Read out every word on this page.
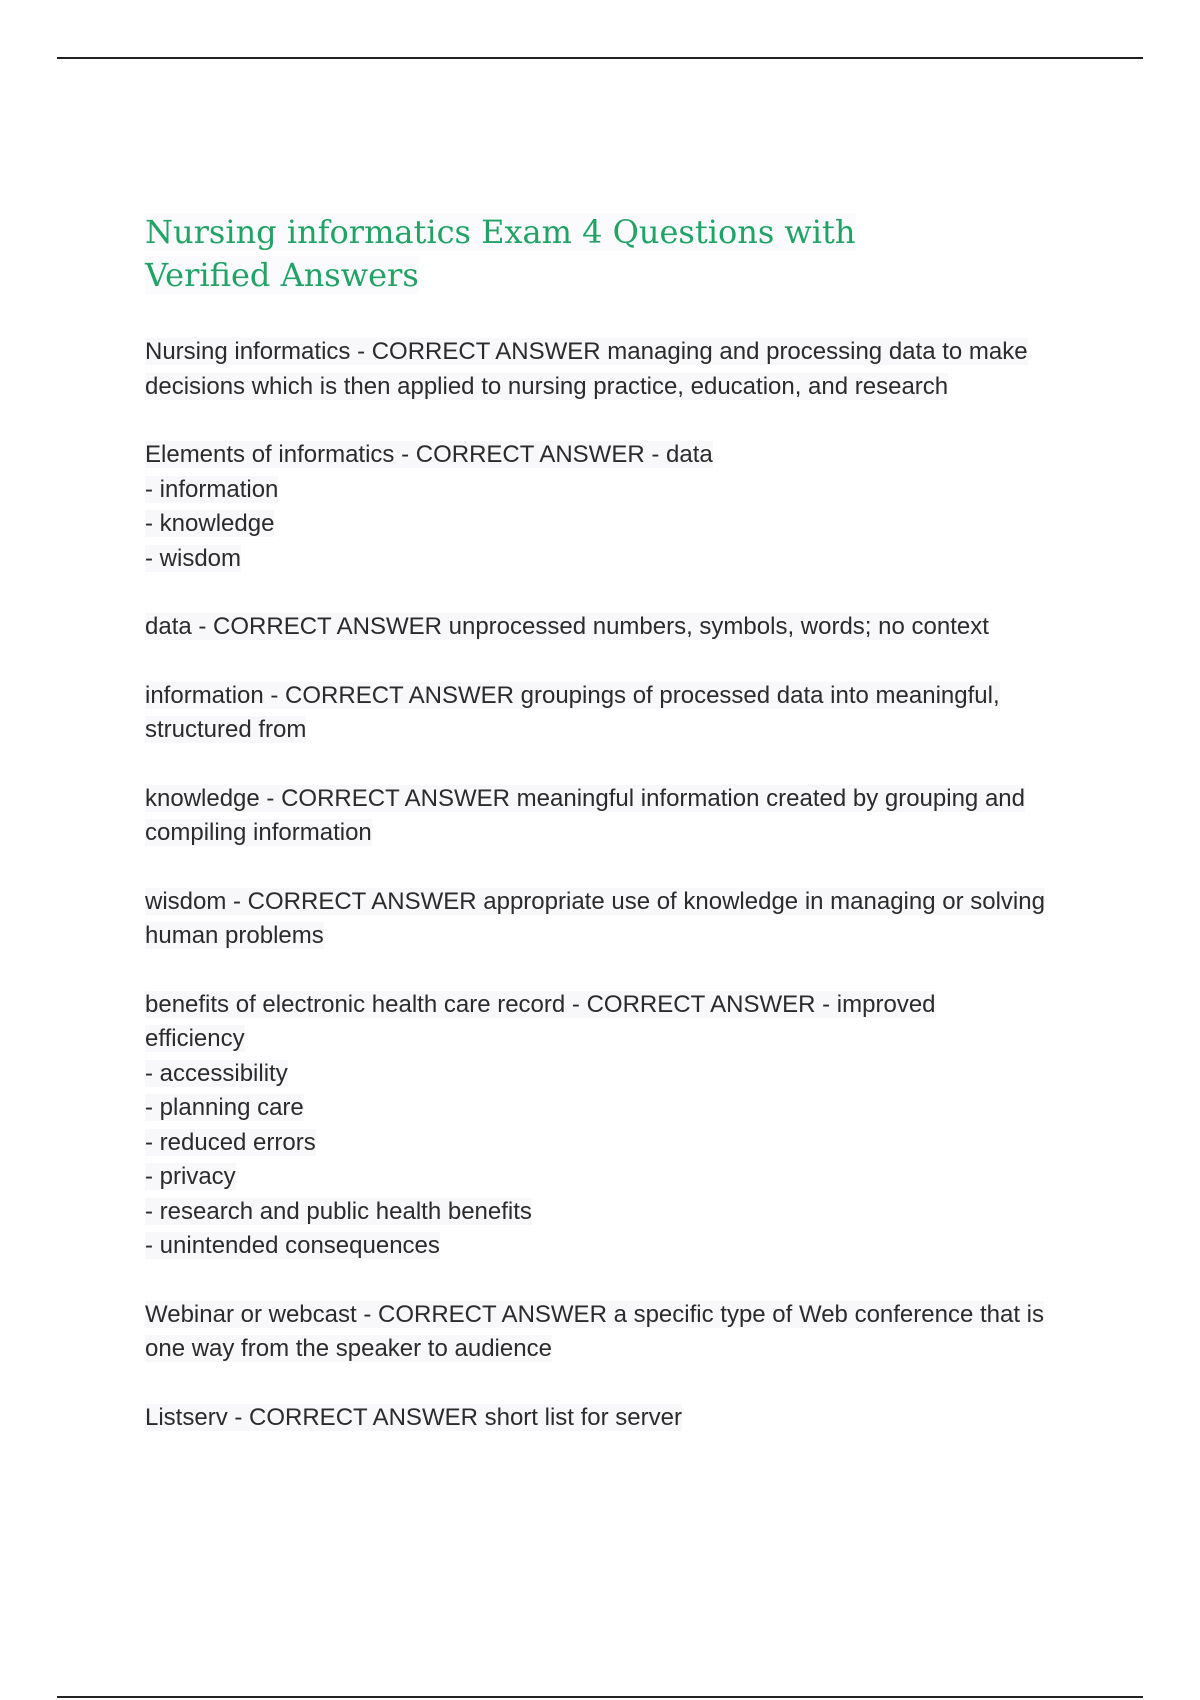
Nursing informatics Exam 4 Questions with Verified Answers
Nursing informatics - CORRECT ANSWER managing and processing data to make
decisions which is then applied to nursing practice, education, and research
Elements of informatics - CORRECT ANSWER - data
- information
- knowledge
- wisdom
data - CORRECT ANSWER unprocessed numbers, symbols, words; no context
information - CORRECT ANSWER groupings of processed data into meaningful,
structured from
knowledge - CORRECT ANSWER meaningful information created by grouping and
compiling information
wisdom - CORRECT ANSWER appropriate use of knowledge in managing or solving
human problems
benefits of electronic health care record - CORRECT ANSWER - improved
efficiency
- accessibility
- planning care
- reduced errors
- privacy
- research and public health benefits
- unintended consequences
Webinar or webcast - CORRECT ANSWER a specific type of Web conference that is
one way from the speaker to audience
Listserv - CORRECT ANSWER short list for server
